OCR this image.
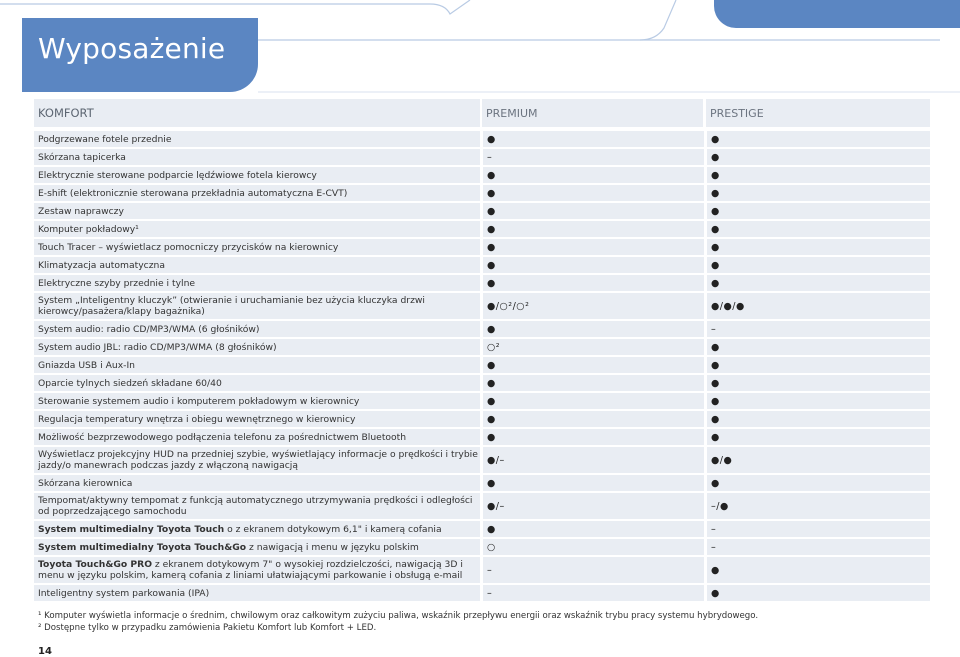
Wyposażenie
KOMFORT	PREMIUM	PRESTIGE
Podgrzewane fotele przednie	●	●
Skórzana tapicerka	–	●
Elektrycznie sterowane podparcie lędźwiowe fotela kierowcy	●	●
E-shift (elektronicznie sterowana przekładnia automatyczna E-CVT)	●	●
Zestaw naprawczy	●	●
Komputer pokładowy¹	●	●
Touch Tracer – wyświetlacz pomocniczy przycisków na kierownicy	●	●
Klimatyzacja automatyczna	●	●
Elektryczne szyby przednie i tylne	●	●
System „Inteligentny kluczyk” (otwieranie i uruchamianie bez użycia kluczyka drzwi kierowcy/pasażera/klapy bagażnika)	●/○²/○²	●/●/●
System audio: radio CD/MP3/WMA (6 głośników)	●	–
System audio JBL: radio CD/MP3/WMA (8 głośników)	○²	●
Gniazda USB i Aux-In	●	●
Oparcie tylnych siedzeń składane 60/40	●	●
Sterowanie systemem audio i komputerem pokładowym w kierownicy	●	●
Regulacja temperatury wnętrza i obiegu wewnętrznego w kierownicy	●	●
Możliwość bezprzewodowego podłączenia telefonu za pośrednictwem Bluetooth	●	●
Wyświetlacz projekcyjny HUD na przedniej szybie, wyświetlający informacje o prędkości i trybie jazdy/o manewrach podczas jazdy z włączoną nawigacją	●/–	●/●
Skórzana kierownica	●	●
Tempomat/aktywny tempomat z funkcją automatycznego utrzymywania prędkości i odległości od poprzedzającego samochodu	●/–	–/●
System multimedialny Toyota Touch o z ekranem dotykowym 6,1" i kamerą cofania	●	–
System multimedialny Toyota Touch&Go z nawigacją i menu w języku polskim	○	–
Toyota Touch&Go PRO z ekranem dotykowym 7" o wysokiej rozdzielczości, nawigacją 3D i menu w języku polskim, kamerą cofania z liniami ułatwiającymi parkowanie i obsługą e-mail	–	●
Inteligentny system parkowania (IPA)	–	●
¹ Komputer wyświetla informacje o średnim, chwilowym oraz całkowitym zużyciu paliwa, wskaźnik przepływu energii oraz wskaźnik trybu pracy systemu hybrydowego.
² Dostępne tylko w przypadku zamówienia Pakietu Komfort lub Komfort + LED.
14
